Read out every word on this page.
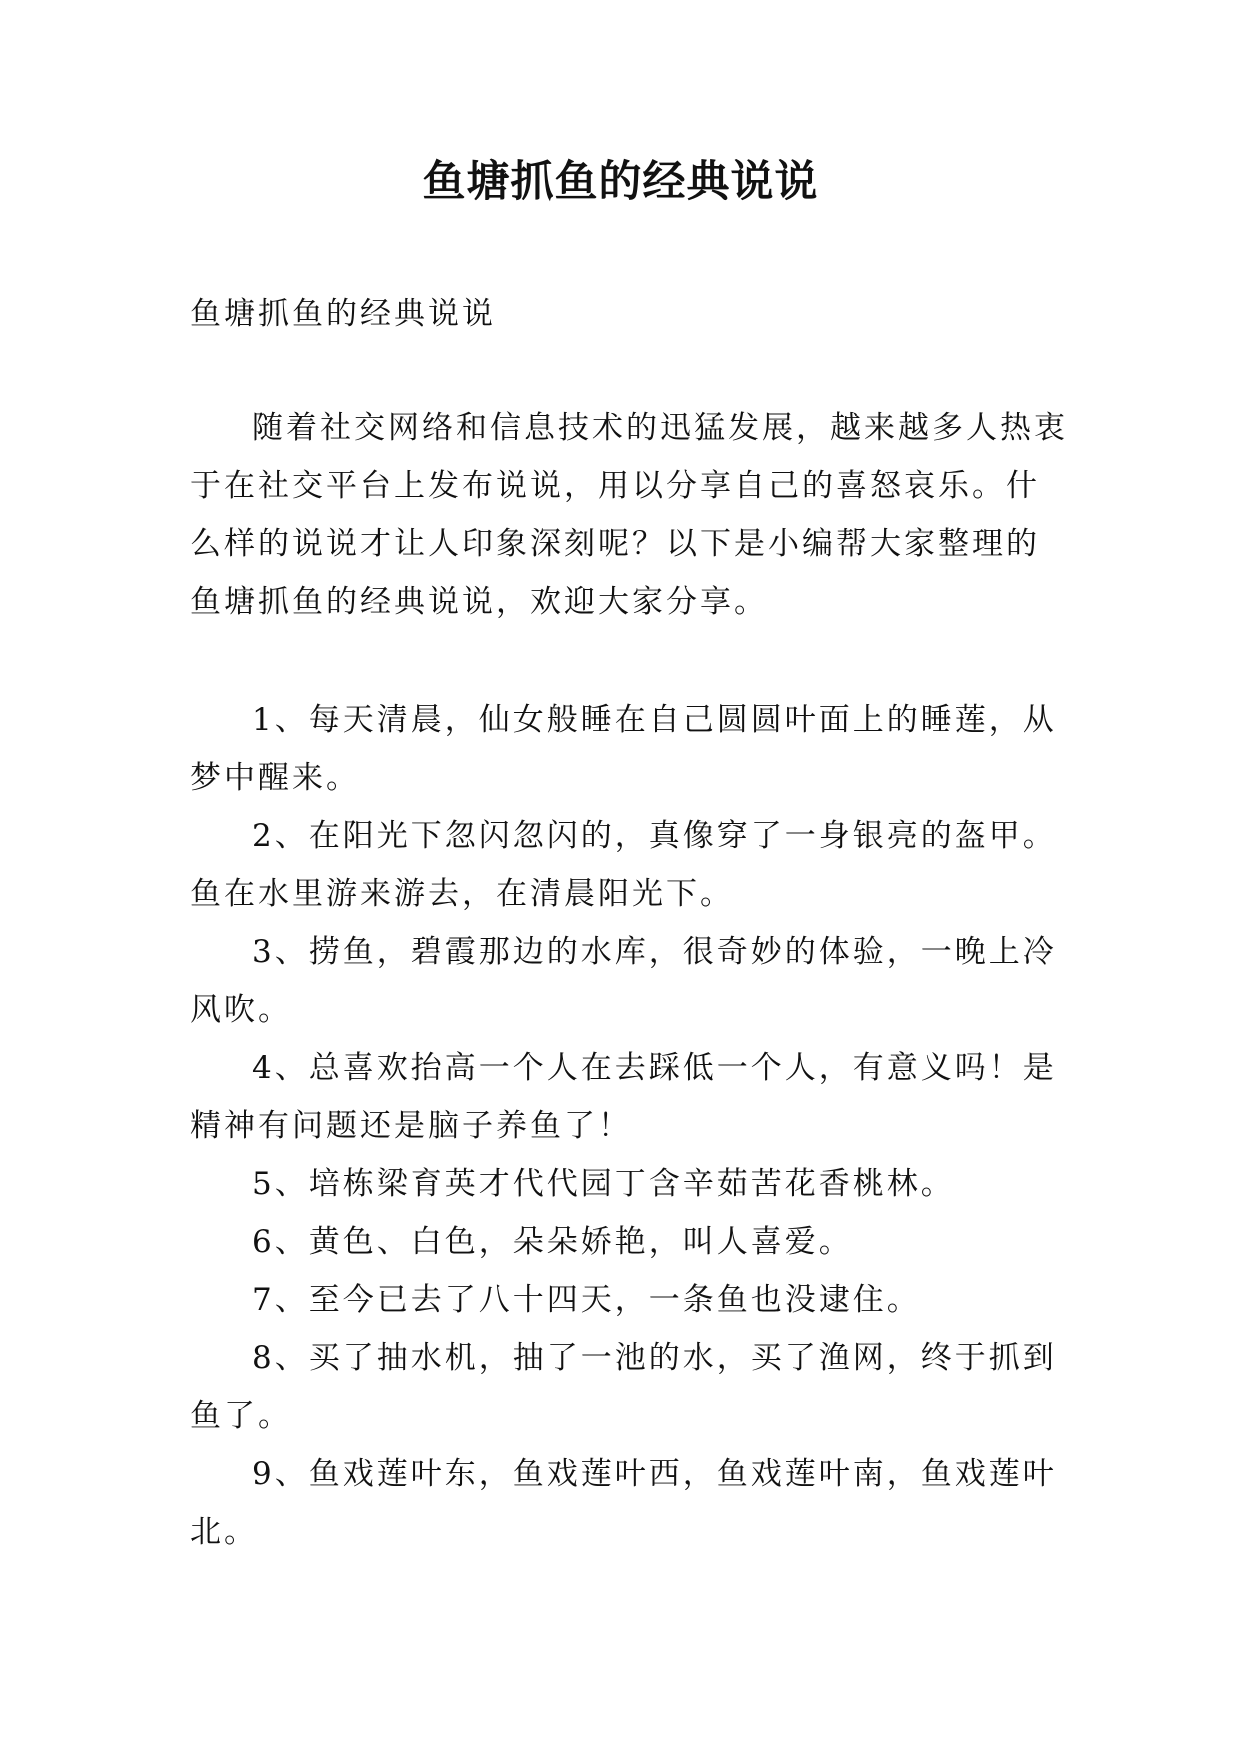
鱼塘抓鱼的经典说说

鱼塘抓鱼的经典说说

随着社交网络和信息技术的迅猛发展，越来越多人热衷于在社交平台上发布说说，用以分享自己的喜怒哀乐。什么样的说说才让人印象深刻呢？以下是小编帮大家整理的鱼塘抓鱼的经典说说，欢迎大家分享。

1、每天清晨，仙女般睡在自己圆圆叶面上的睡莲，从梦中醒来。
2、在阳光下忽闪忽闪的，真像穿了一身银亮的盔甲。鱼在水里游来游去，在清晨阳光下。
3、捞鱼，碧霞那边的水库，很奇妙的体验，一晚上冷风吹。
4、总喜欢抬高一个人在去踩低一个人，有意义吗！是精神有问题还是脑子养鱼了！
5、培栋梁育英才代代园丁含辛茹苦花香桃林。
6、黄色、白色，朵朵娇艳，叫人喜爱。
7、至今已去了八十四天，一条鱼也没逮住。
8、买了抽水机，抽了一池的水，买了渔网，终于抓到鱼了。
9、鱼戏莲叶东，鱼戏莲叶西，鱼戏莲叶南，鱼戏莲叶北。
